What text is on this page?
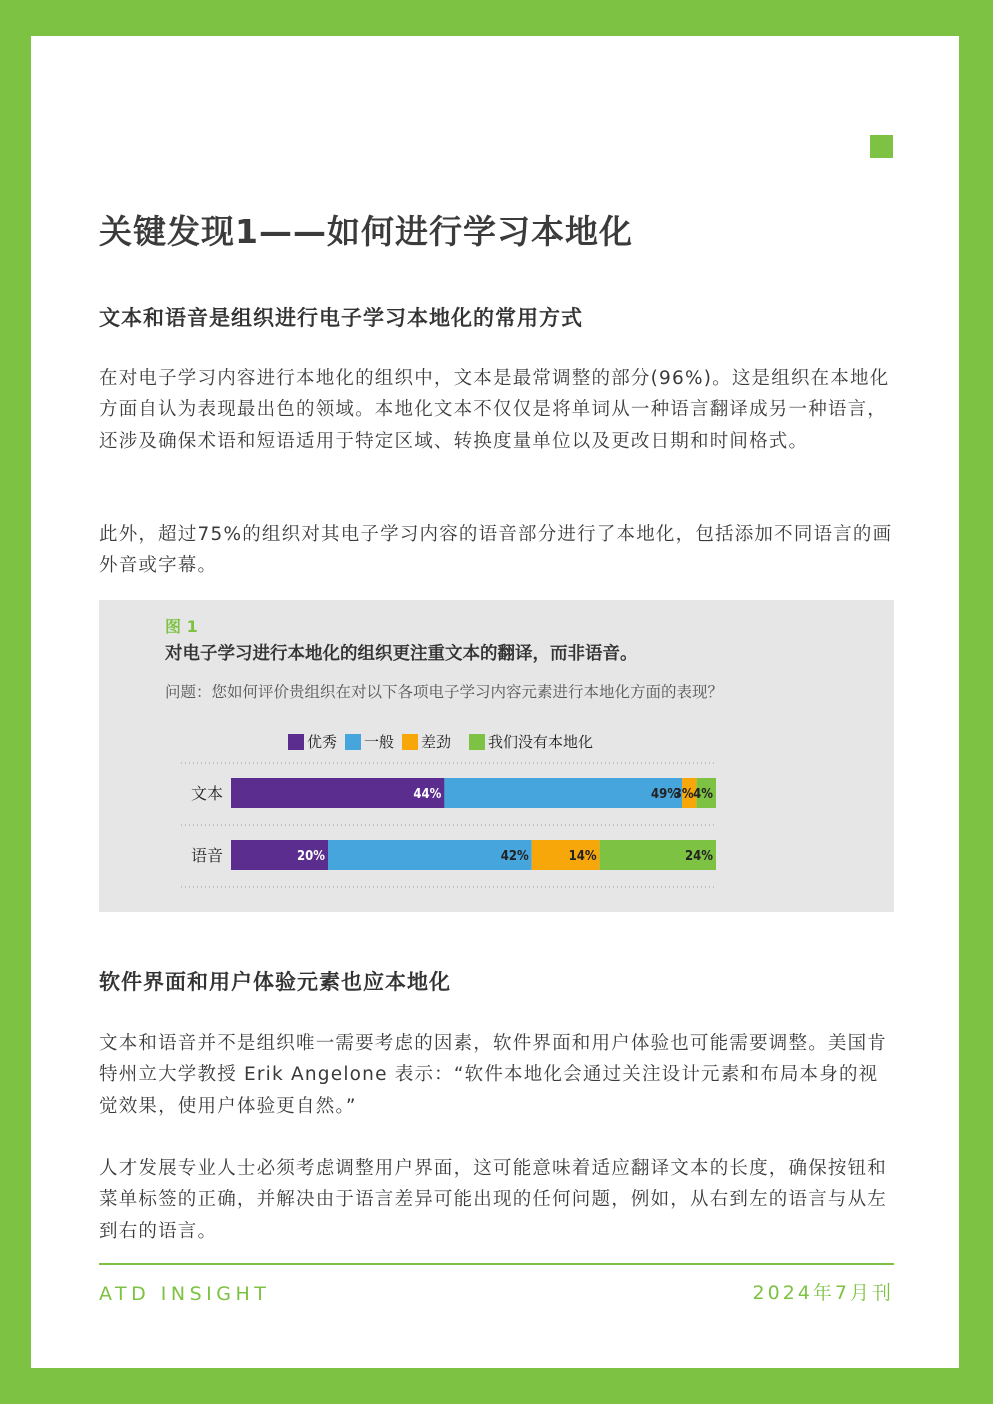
关键发现1——如何进行学习本地化
文本和语音是组织进行电子学习本地化的常用方式

在对电子学习内容进行本地化的组织中，文本是最常调整的部分(96%)。这是组织在本地化方面自认为表现最出色的领域。本地化文本不仅仅是将单词从一种语言翻译成另一种语言，还涉及确保术语和短语适用于特定区域、转换度量单位以及更改日期和时间格式。

此外，超过75%的组织对其电子学习内容的语音部分进行了本地化，包括添加不同语言的画外音或字幕。

图 1
对电子学习进行本地化的组织更注重文本的翻译，而非语音。
问题：您如何评价贵组织在对以下各项电子学习内容元素进行本地化方面的表现？
优秀 一般 差劲 我们没有本地化
文本	44%	49%
3% 4%
语音	20%	42%	14%	24%
软件界面和用户体验元素也应本地化

文本和语音并不是组织唯一需要考虑的因素，软件界面和用户体验也可能需要调整。美国肯特州立大学教授 Erik Angelone 表示：“软件本地化会通过关注设计元素和布局本身的视觉效果，使用户体验更自然。”

人才发展专业人士必须考虑调整用户界面，这可能意味着适应翻译文本的长度，确保按钮和菜单标签的正确，并解决由于语言差异可能出现的任何问题，例如，从右到左的语言与从左到右的语言。

ATD INSIGHT	2024年7月刊
